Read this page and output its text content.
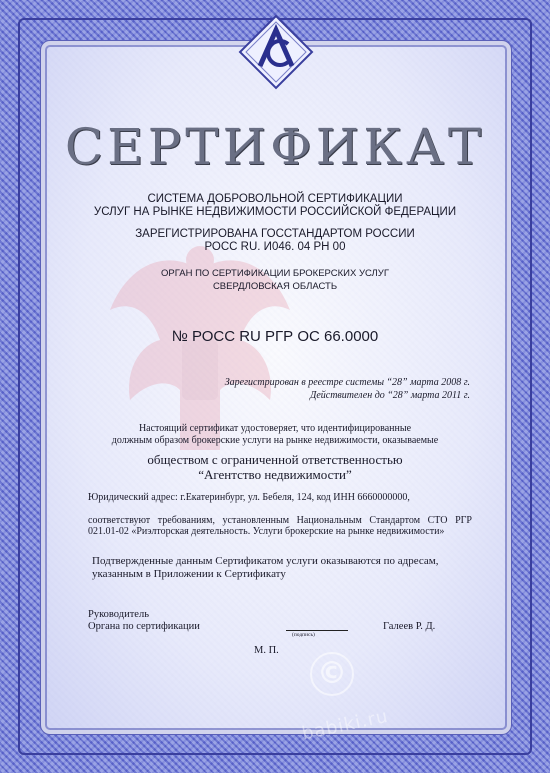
СЕРТИФИКАТ

СИСТЕМА ДОБРОВОЛЬНОЙ СЕРТИФИКАЦИИ

УСЛУГ НА РЫНКЕ НЕДВИЖИМОСТИ РОССИЙСКОЙ ФЕДЕРАЦИИ

ЗАРЕГИСТРИРОВАНА ГОССТАНДАРТОМ РОССИИ

РОСС RU. И046. 04 РН 00

ОРГАН ПО СЕРТИФИКАЦИИ БРОКЕРСКИХ УСЛУГ

СВЕРДЛОВСКАЯ ОБЛАСТЬ

№ РОСС RU РГР ОС 66.0000

Зарегистрирован в реестре системы “28” марта 2008 г.

Действителен до “28” марта 2011 г.

Настоящий сертификат удостоверяет, что идентифицированные

должным образом брокерские услуги на рынке недвижимости, оказываемые

обществом с ограниченной ответственностью

“Агентство недвижимости”

Юридический адрес: г.Екатеринбург, ул. Бебеля, 124, код ИНН 6660000000,

соответствуют требованиям, установленным Национальным Стандартом СТО РГР 021.01-02 «Риэлторская деятельность. Услуги брокерские на рынке недвижимости»

Подтвержденные данным Сертификатом услуги оказываются по адресам, указанным в Приложении к Сертификату

Руководитель

Органа по сертификации

(подпись)

Галеев Р. Д.

М. П.

©
babiki.ru
